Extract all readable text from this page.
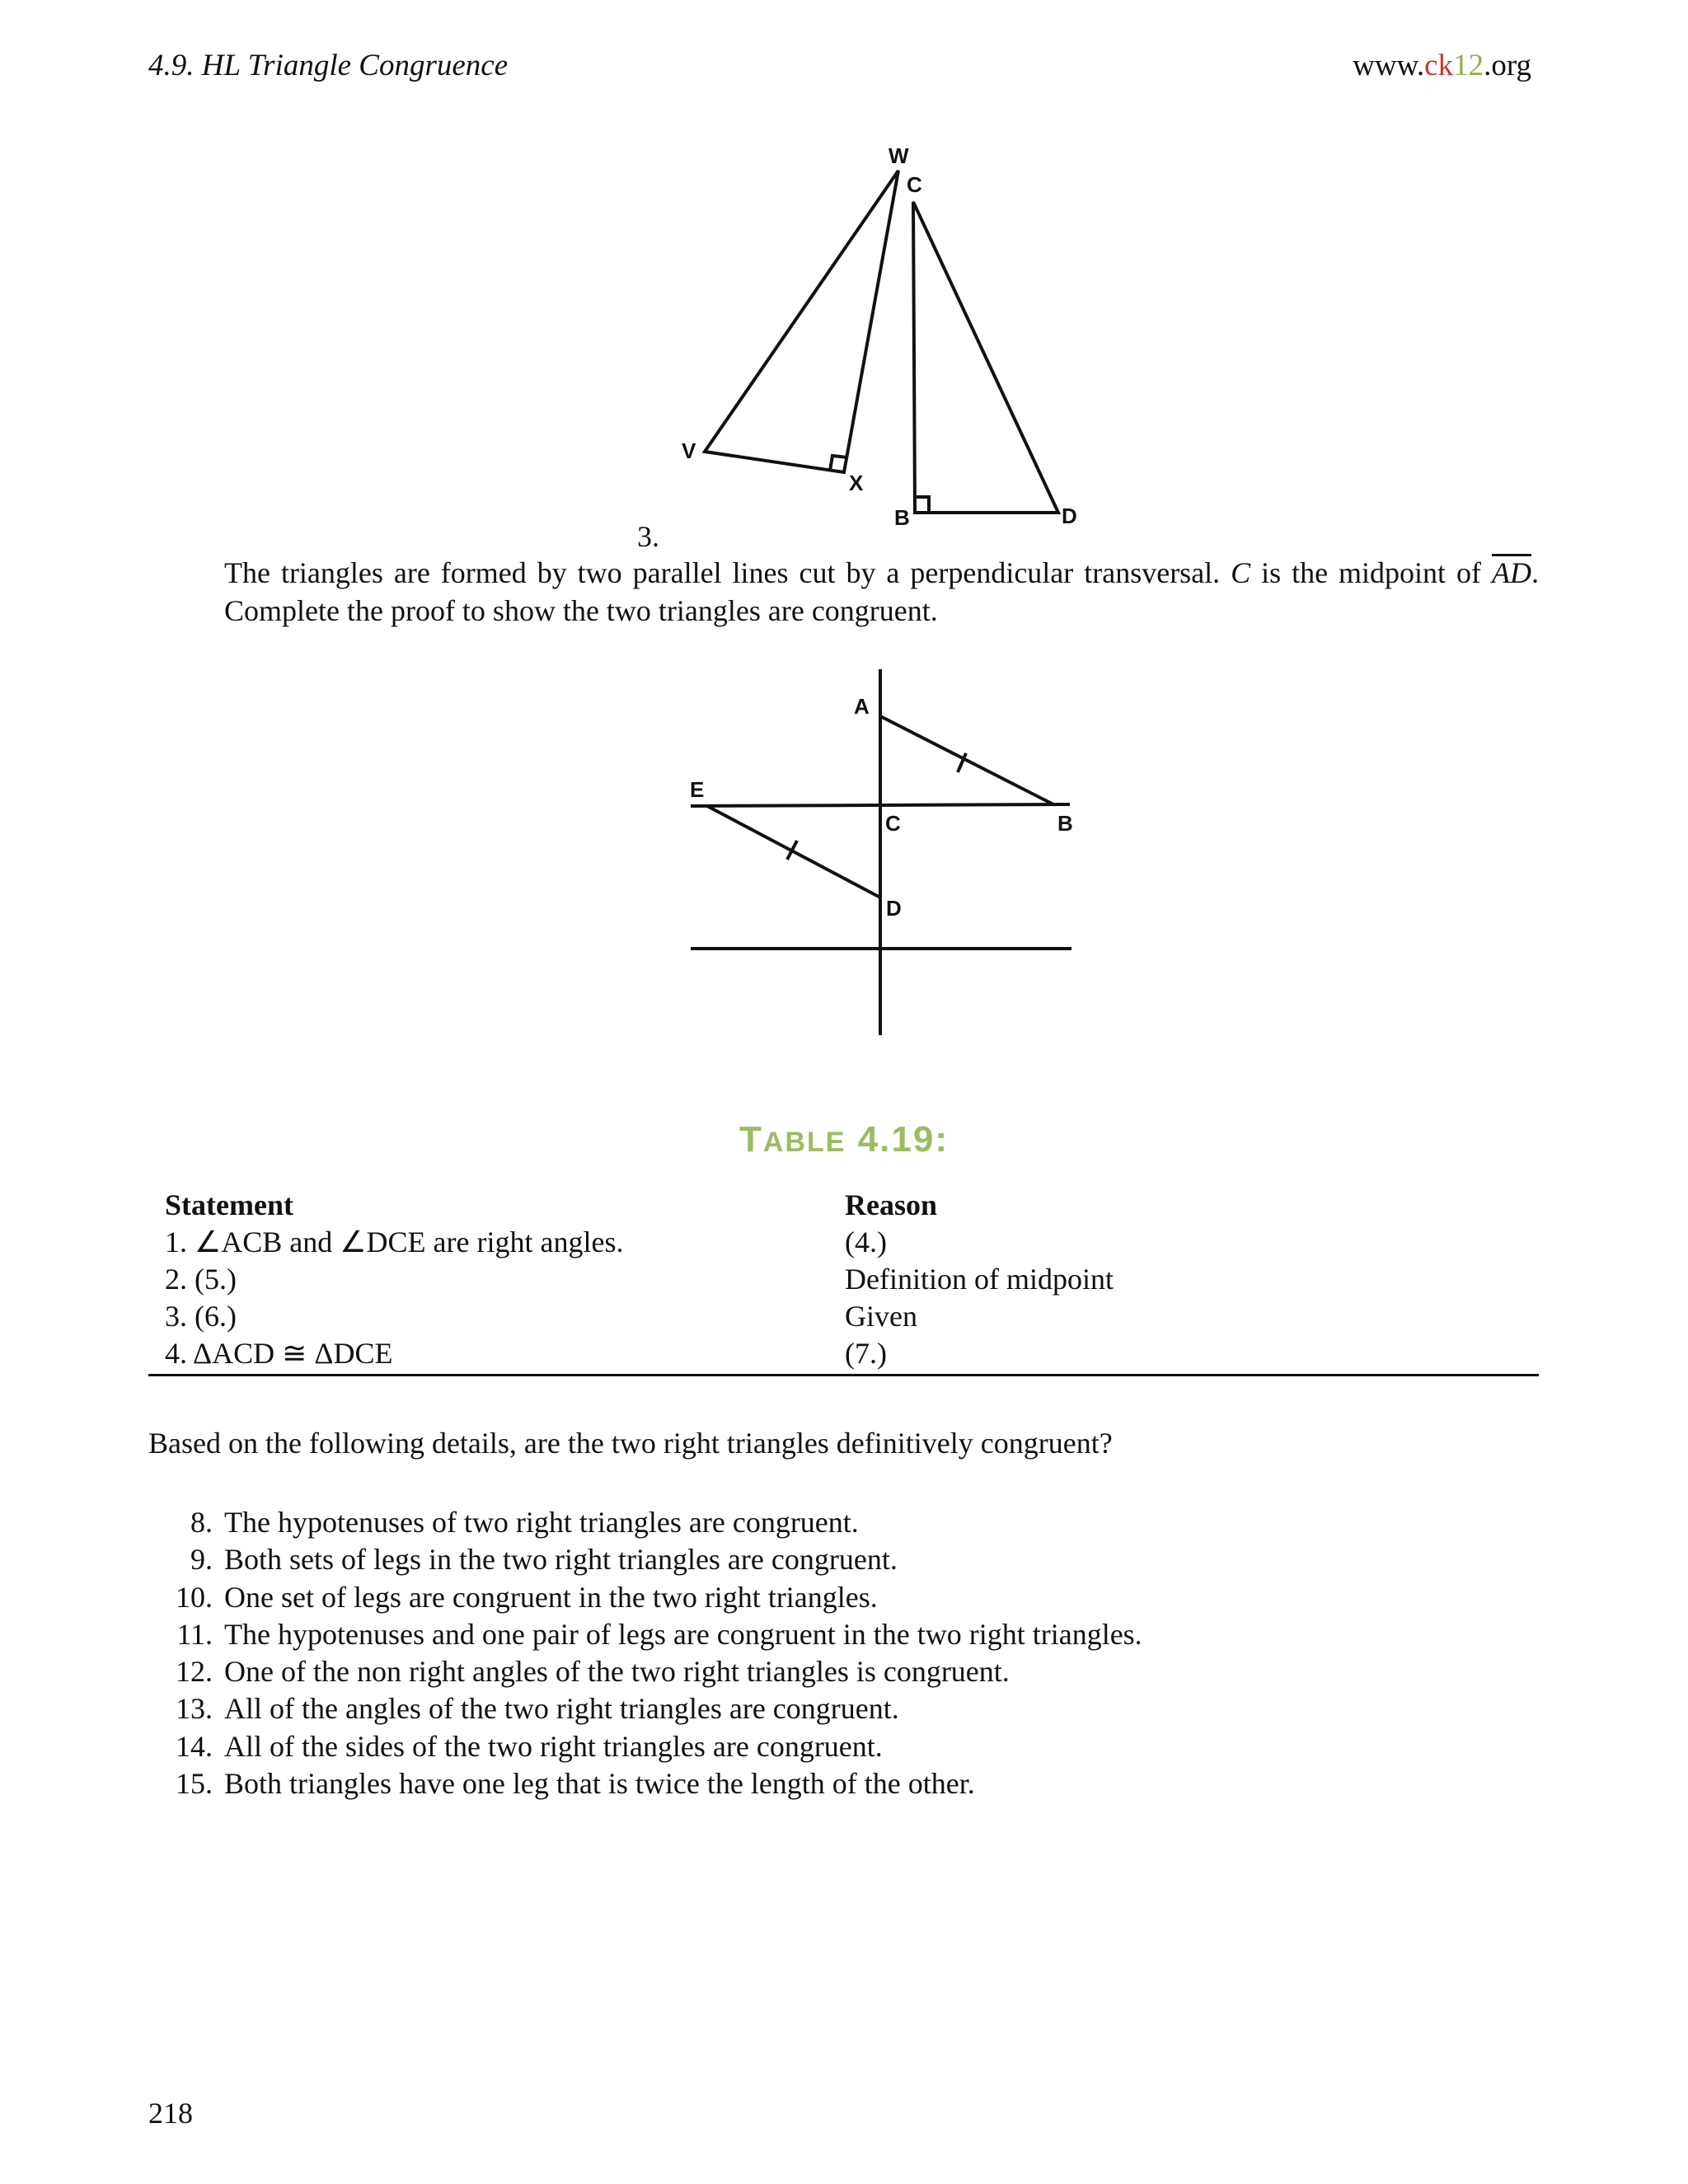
4.9. HL Triangle Congruence	www.ck12.org
W
C
V
X
B	D
3.
The triangles are formed by two parallel lines cut by a perpendicular transversal. C is the midpoint of $\overline{AD}$.
Complete the proof to show the two triangles are congruent.
A
E
C	B
D
TABLE 4.19:
Statement	Reason
1. ∠ACB and ∠DCE are right angles.	(4.)
2. (5.)	Definition of midpoint
3. (6.)	Given
4. ΔACD ≅ ΔDCE	(7.)
Based on the following details, are the two right triangles definitively congruent?
8. The hypotenuses of two right triangles are congruent.
9. Both sets of legs in the two right triangles are congruent.
10. One set of legs are congruent in the two right triangles.
11. The hypotenuses and one pair of legs are congruent in the two right triangles.
12. One of the non right angles of the two right triangles is congruent.
13. All of the angles of the two right triangles are congruent.
14. All of the sides of the two right triangles are congruent.
15. Both triangles have one leg that is twice the length of the other.
218
